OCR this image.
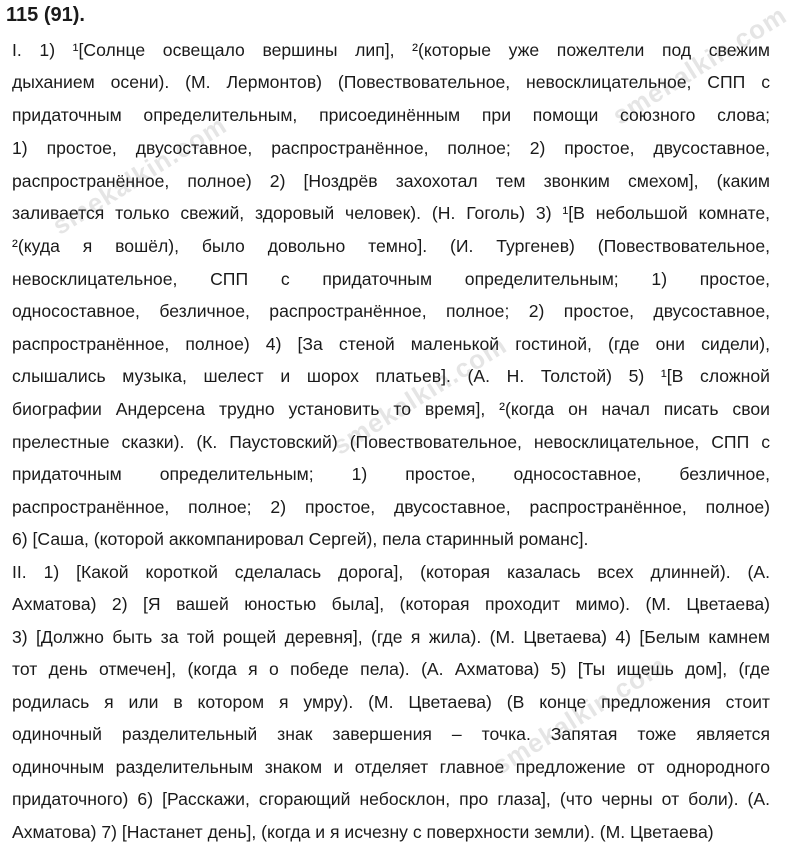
115 (91).	smekalkin.com
smekalkin.com
smekalkin.com
smekalkin.com
I. 1) ¹[Солнце освещало вершины лип], ²(которые уже пожелтели под свежим
дыханием осени). (М. Лермонтов) (Повествовательное, невосклицательное, СПП с
придаточным определительным, присоединённым при помощи союзного слова;
1) простое, двусоставное, распространённое, полное; 2) простое, двусоставное,
распространённое, полное) 2) [Ноздрёв захохотал тем звонким смехом], (каким
заливается только свежий, здоровый человек). (Н. Гоголь) 3) ¹[В небольшой комнате,
²(куда я вошёл), было довольно темно]. (И. Тургенев) (Повествовательное,
невосклицательное, СПП с придаточным определительным; 1) простое,
односоставное, безличное, распространённое, полное; 2) простое, двусоставное,
распространённое, полное) 4) [За стеной маленькой гостиной, (где они сидели),
слышались музыка, шелест и шорох платьев]. (А. Н. Толстой) 5) ¹[В сложной
биографии Андерсена трудно установить то время], ²(когда он начал писать свои
прелестные сказки). (К. Паустовский) (Повествовательное, невосклицательное, СПП с
придаточным определительным; 1) простое, односоставное, безличное,
распространённое, полное; 2) простое, двусоставное, распространённое, полное)
6) [Саша, (которой аккомпанировал Сергей), пела старинный романс].
II. 1) [Какой короткой сделалась дорога], (которая казалась всех длинней). (А.
Ахматова) 2) [Я вашей юностью была], (которая проходит мимо). (М. Цветаева)
3) [Должно быть за той рощей деревня], (где я жила). (М. Цветаева) 4) [Белым камнем
тот день отмечен], (когда я о победе пела). (А. Ахматова) 5) [Ты ищешь дом], (где
родилась я или в котором я умру). (М. Цветаева) (В конце предложения стоит
одиночный разделительный знак завершения – точка. Запятая тоже является
одиночным разделительным знаком и отделяет главное предложение от однородного
придаточного) 6) [Расскажи, сгорающий небосклон, про глаза], (что черны от боли). (А.
Ахматова) 7) [Настанет день], (когда и я исчезну с поверхности земли). (М. Цветаева)
